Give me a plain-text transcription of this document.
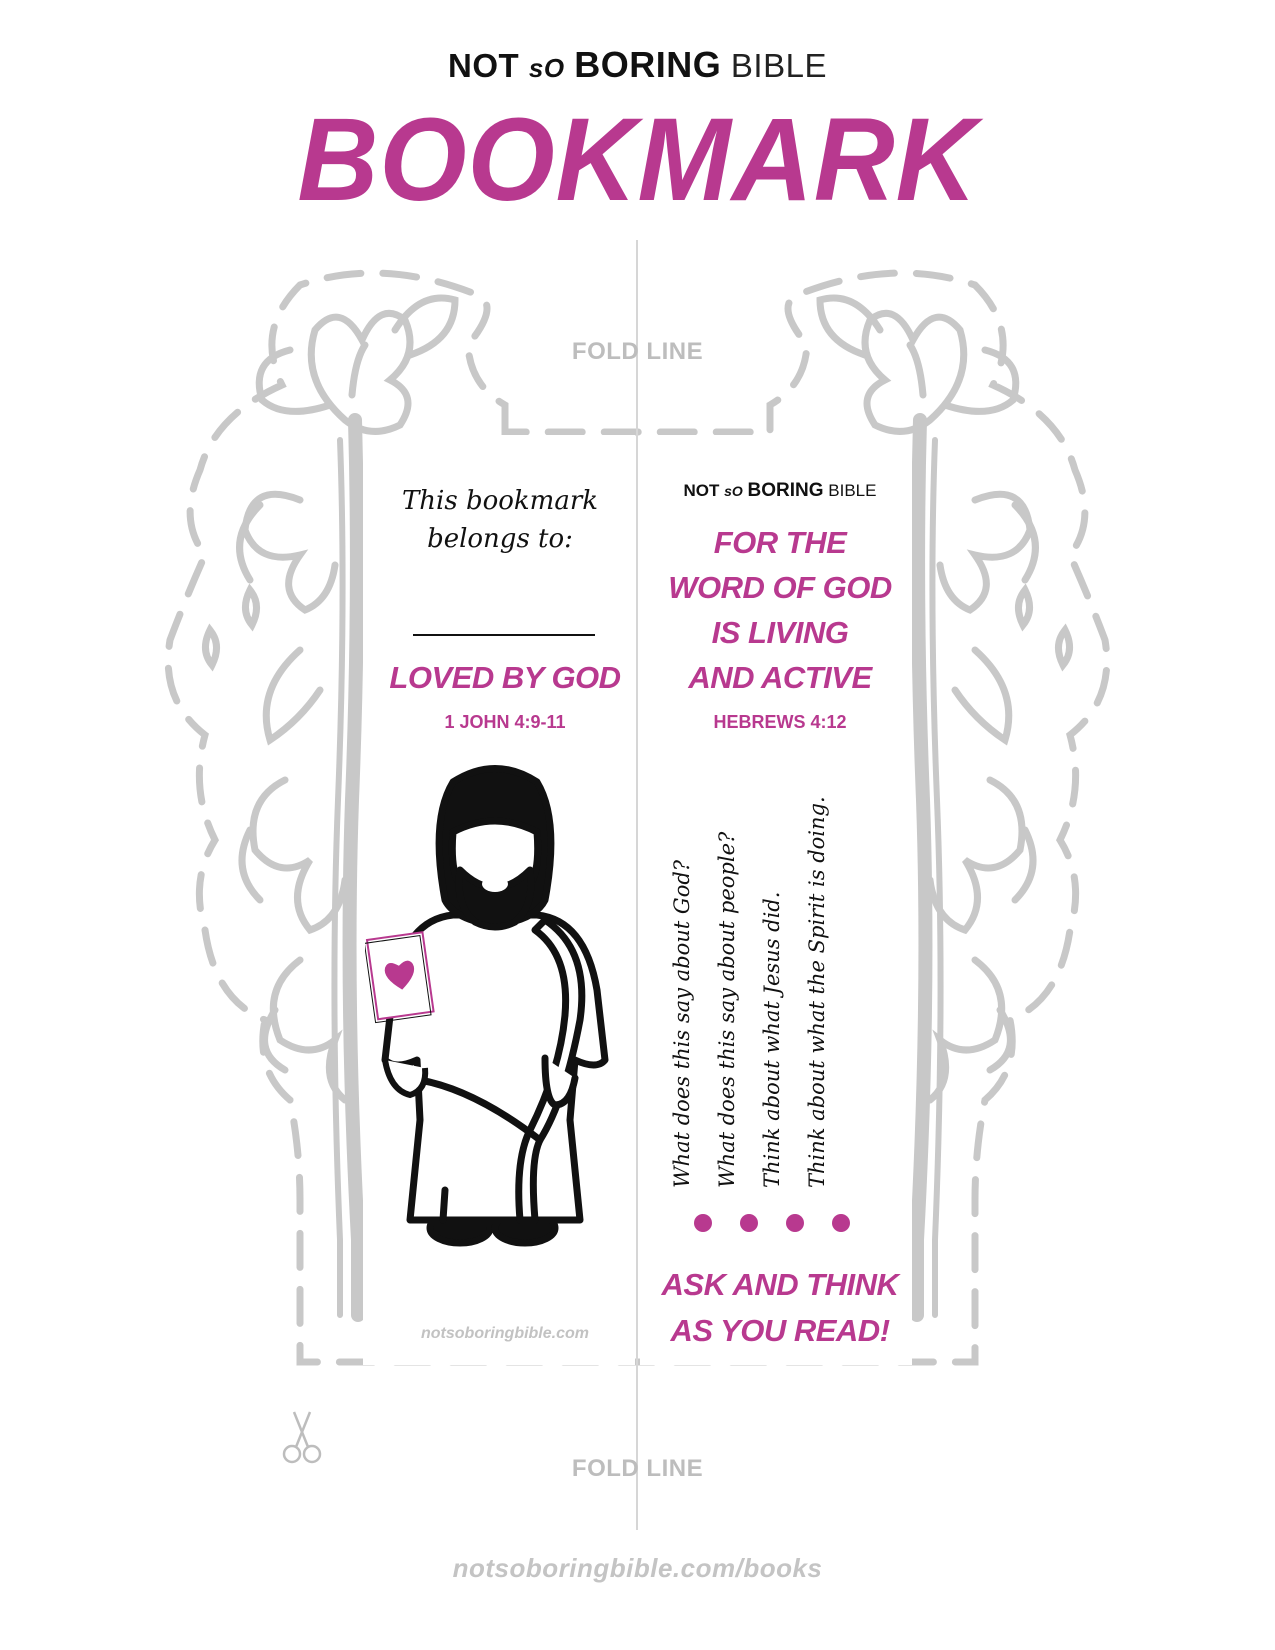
NOT sO BORING BIBLE
BOOKMARK
FOLD LINE
FOLD LINE
This bookmark
belongs to:
LOVED BY GOD
1 JOHN 4:9-11
notsoboringbible.com
NOT sO BORING BIBLE
FOR THE
WORD OF GOD
IS LIVING
AND ACTIVE
HEBREWS 4:12
What does this say about God? What does this say about people? Think about what Jesus did. Think about what the Spirit is doing.
ASK AND THINK
AS YOU READ!
notsoboringbible.com/books
